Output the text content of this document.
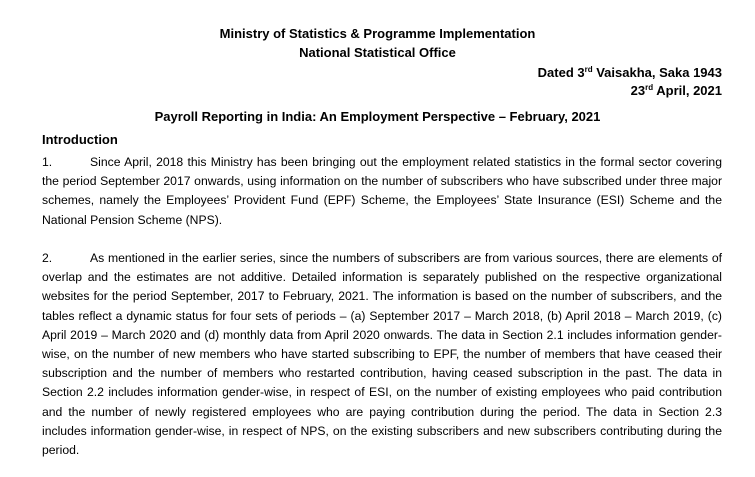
Ministry of Statistics & Programme Implementation
National Statistical Office
Dated 3rd Vaisakha, Saka 1943
23rd April, 2021
Payroll Reporting in India: An Employment Perspective – February, 2021
Introduction

1.	Since April, 2018 this Ministry has been bringing out the employment related statistics in the formal sector covering the period September 2017 onwards, using information on the number of subscribers who have subscribed under three major schemes, namely the Employees’ Provident Fund (EPF) Scheme, the Employees’ State Insurance (ESI) Scheme and the National Pension Scheme (NPS).

2.	As mentioned in the earlier series, since the numbers of subscribers are from various sources, there are elements of overlap and the estimates are not additive. Detailed information is separately published on the respective organizational websites for the period September, 2017 to February, 2021. The information is based on the number of subscribers, and the tables reflect a dynamic status for four sets of periods – (a) September 2017 – March 2018, (b) April 2018 – March 2019, (c) April 2019 – March 2020 and (d) monthly data from April 2020 onwards. The data in Section 2.1 includes information gender-wise, on the number of new members who have started subscribing to EPF, the number of members that have ceased their subscription and the number of members who restarted contribution, having ceased subscription in the past. The data in Section 2.2 includes information gender-wise, in respect of ESI, on the number of existing employees who paid contribution and the number of newly registered employees who are paying contribution during the period. The data in Section 2.3 includes information gender-wise, in respect of NPS, on the existing subscribers and new subscribers contributing during the period.
